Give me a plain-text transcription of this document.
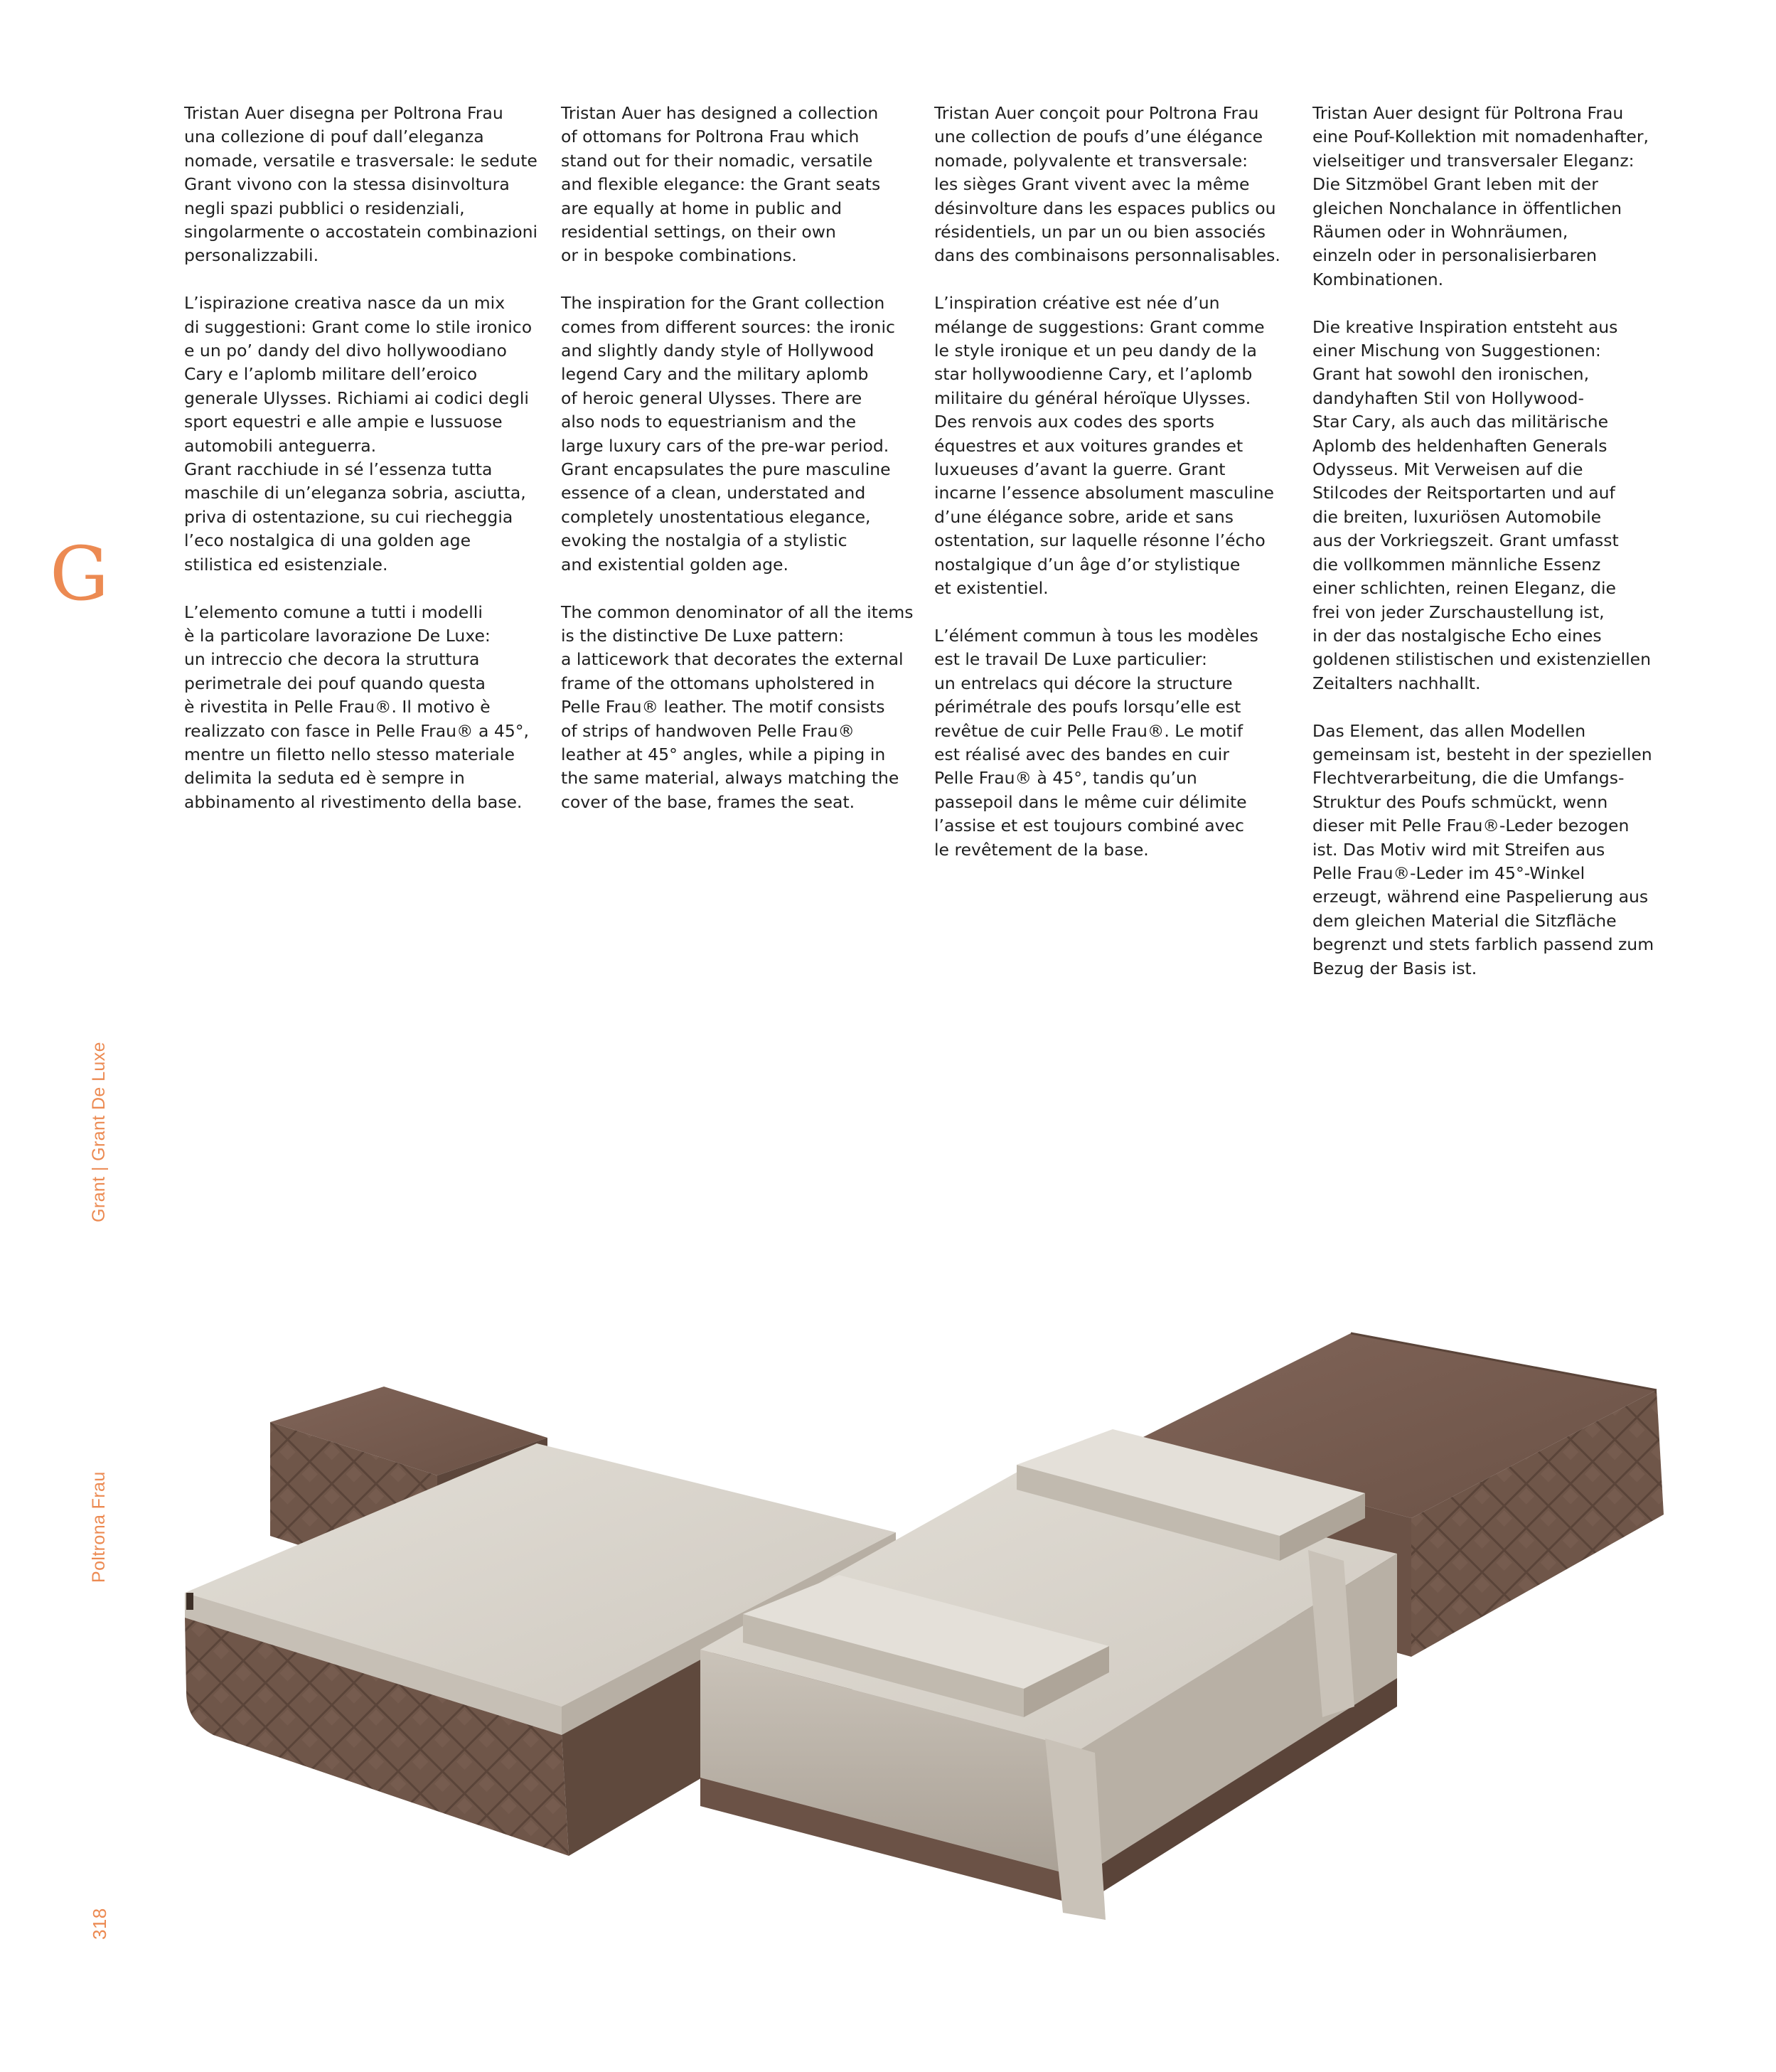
G
Grant | Grant De Luxe
Poltrona Frau
318

Tristan Auer disegna per Poltrona Frau
una collezione di pouf dall’eleganza
nomade, versatile e trasversale: le sedute
Grant vivono con la stessa disinvoltura
negli spazi pubblici o residenziali,
singolarmente o accostatein combinazioni
personalizzabili.

L’ispirazione creativa nasce da un mix
di suggestioni: Grant come lo stile ironico
e un po’ dandy del divo hollywoodiano
Cary e l’aplomb militare dell’eroico
generale Ulysses. Richiami ai codici degli
sport equestri e alle ampie e lussuose
automobili anteguerra.
Grant racchiude in sé l’essenza tutta
maschile di un’eleganza sobria, asciutta,
priva di ostentazione, su cui riecheggia
l’eco nostalgica di una golden age
stilistica ed esistenziale.

L’elemento comune a tutti i modelli
è la particolare lavorazione De Luxe:
un intreccio che decora la struttura
perimetrale dei pouf quando questa
è rivestita in Pelle Frau®. Il motivo è
realizzato con fasce in Pelle Frau® a 45°,
mentre un filetto nello stesso materiale
delimita la seduta ed è sempre in
abbinamento al rivestimento della base.

Tristan Auer has designed a collection
of ottomans for Poltrona Frau which
stand out for their nomadic, versatile
and flexible elegance: the Grant seats
are equally at home in public and
residential settings, on their own
or in bespoke combinations.

The inspiration for the Grant collection
comes from different sources: the ironic
and slightly dandy style of Hollywood
legend Cary and the military aplomb
of heroic general Ulysses. There are
also nods to equestrianism and the
large luxury cars of the pre-war period.
Grant encapsulates the pure masculine
essence of a clean, understated and
completely unostentatious elegance,
evoking the nostalgia of a stylistic
and existential golden age.

The common denominator of all the items
is the distinctive De Luxe pattern:
a latticework that decorates the external
frame of the ottomans upholstered in
Pelle Frau® leather. The motif consists
of strips of handwoven Pelle Frau®
leather at 45° angles, while a piping in
the same material, always matching the
cover of the base, frames the seat.

Tristan Auer conçoit pour Poltrona Frau
une collection de poufs d’une élégance
nomade, polyvalente et transversale:
les sièges Grant vivent avec la même
désinvolture dans les espaces publics ou
résidentiels, un par un ou bien associés
dans des combinaisons personnalisables.

L’inspiration créative est née d’un
mélange de suggestions: Grant comme
le style ironique et un peu dandy de la
star hollywoodienne Cary, et l’aplomb
militaire du général héroïque Ulysses.
Des renvois aux codes des sports
équestres et aux voitures grandes et
luxueuses d’avant la guerre. Grant
incarne l’essence absolument masculine
d’une élégance sobre, aride et sans
ostentation, sur laquelle résonne l’écho
nostalgique d’un âge d’or stylistique
et existentiel.

L’élément commun à tous les modèles
est le travail De Luxe particulier:
un entrelacs qui décore la structure
périmétrale des poufs lorsqu’elle est
revêtue de cuir Pelle Frau®. Le motif
est réalisé avec des bandes en cuir
Pelle Frau® à 45°, tandis qu’un
passepoil dans le même cuir délimite
l’assise et est toujours combiné avec
le revêtement de la base.

Tristan Auer designt für Poltrona Frau
eine Pouf-Kollektion mit nomadenhafter,
vielseitiger und transversaler Eleganz:
Die Sitzmöbel Grant leben mit der
gleichen Nonchalance in öffentlichen
Räumen oder in Wohnräumen,
einzeln oder in personalisierbaren
Kombinationen.

Die kreative Inspiration entsteht aus
einer Mischung von Suggestionen:
Grant hat sowohl den ironischen,
dandyhaften Stil von Hollywood-
Star Cary, als auch das militärische
Aplomb des heldenhaften Generals
Odysseus. Mit Verweisen auf die
Stilcodes der Reitsportarten und auf
die breiten, luxuriösen Automobile
aus der Vorkriegszeit. Grant umfasst
die vollkommen männliche Essenz
einer schlichten, reinen Eleganz, die
frei von jeder Zurschaustellung ist,
in der das nostalgische Echo eines
goldenen stilistischen und existenziellen
Zeitalters nachhallt.

Das Element, das allen Modellen
gemeinsam ist, besteht in der speziellen
Flechtverarbeitung, die die Umfangs-
Struktur des Poufs schmückt, wenn
dieser mit Pelle Frau®-Leder bezogen
ist. Das Motiv wird mit Streifen aus
Pelle Frau®-Leder im 45°-Winkel
erzeugt, während eine Paspelierung aus
dem gleichen Material die Sitzfläche
begrenzt und stets farblich passend zum
Bezug der Basis ist.
